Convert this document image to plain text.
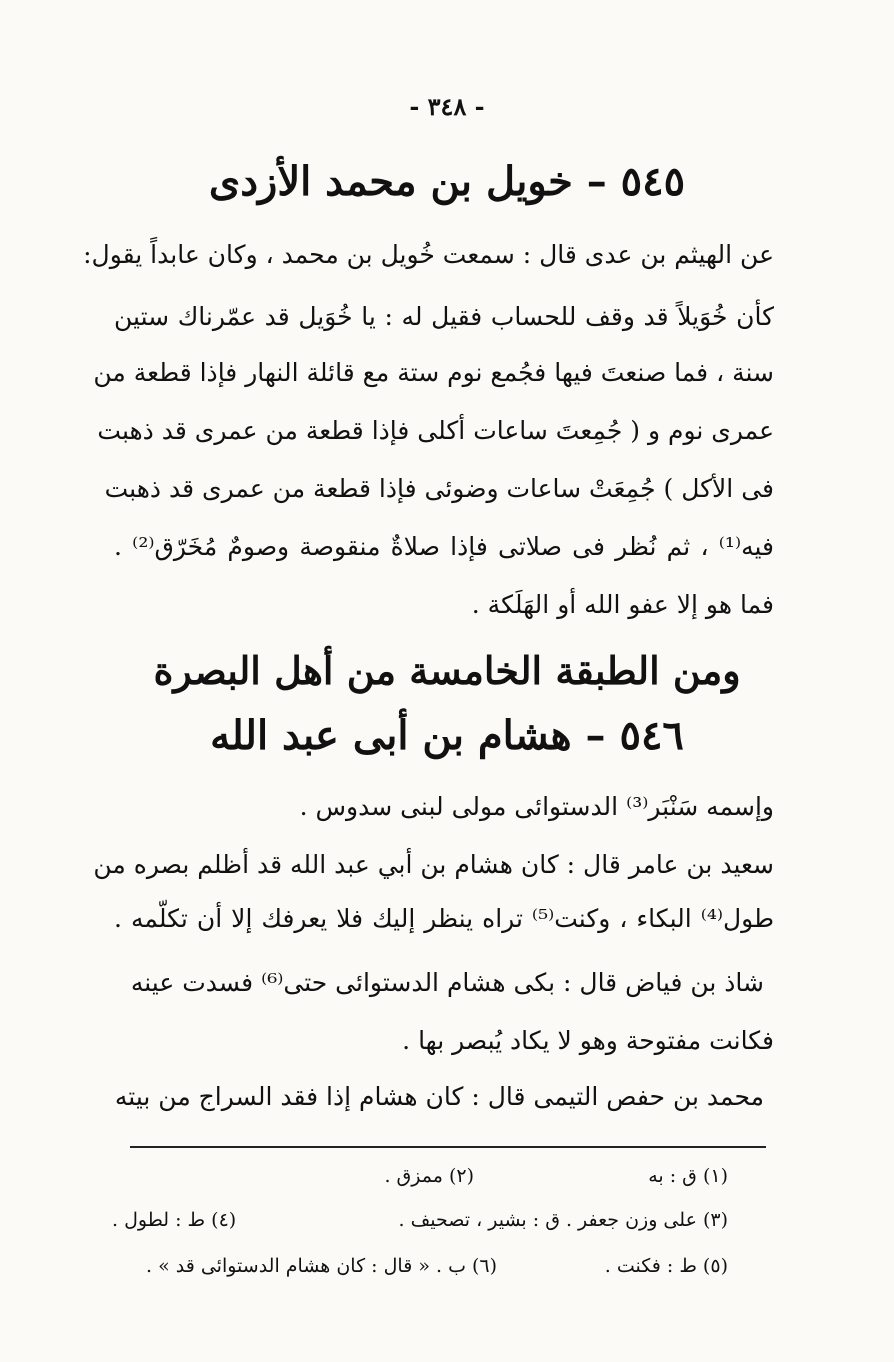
- ٣٤٨ -
٥٤٥ – خويل بن محمد الأزدى
عن الهيثم بن عدى قال : سمعت خُويل بن محمد ، وكان عابداً يقول:
كأن خُوَيلاً قد وقف للحساب فقيل له : يا خُوَيل قد عمّرناك ستين
سنة ، فما صنعتَ فيها فجُمع نوم ستة مع قائلة النهار فإذا قطعة من
عمرى نوم و ( جُمِعتَ ساعات أكلى فإذا قطعة من عمرى قد ذهبت
فى الأكل ) جُمِعَتْ ساعات وضوئى فإذا قطعة من عمرى قد ذهبت
فيه⁽¹⁾ ، ثم نُظر فى صلاتى فإذا صلاةٌ منقوصة وصومٌ مُخَرّق⁽²⁾ .
فما هو إلا عفو الله أو الهَلَكة .
ومن الطبقة الخامسة من أهل البصرة
٥٤٦ – هشام بن أبى عبد الله
وإسمه سَنْبَر⁽³⁾ الدستوائى مولى لبنى سدوس .
سعيد بن عامر قال : كان هشام بن أبي عبد الله قد أظلم بصره من
طول⁽⁴⁾ البكاء ، وكنت⁽⁵⁾ تراه ينظر إليك فلا يعرفك إلا أن تكلّمه .
شاذ بن فياض قال : بكى هشام الدستوائى حتى⁽⁶⁾ فسدت عينه
فكانت مفتوحة وهو لا يكاد يُبصر بها .
محمد بن حفص التيمى قال : كان هشام إذا فقد السراج من بيته
(١) ق : به
(٢) ممزق .
(٣) على وزن جعفر . ق : بشير ، تصحيف .
(٤) ط : لطول .
(٥) ط : فكنت .
(٦) ب . « قال : كان هشام الدستوائى قد » .
